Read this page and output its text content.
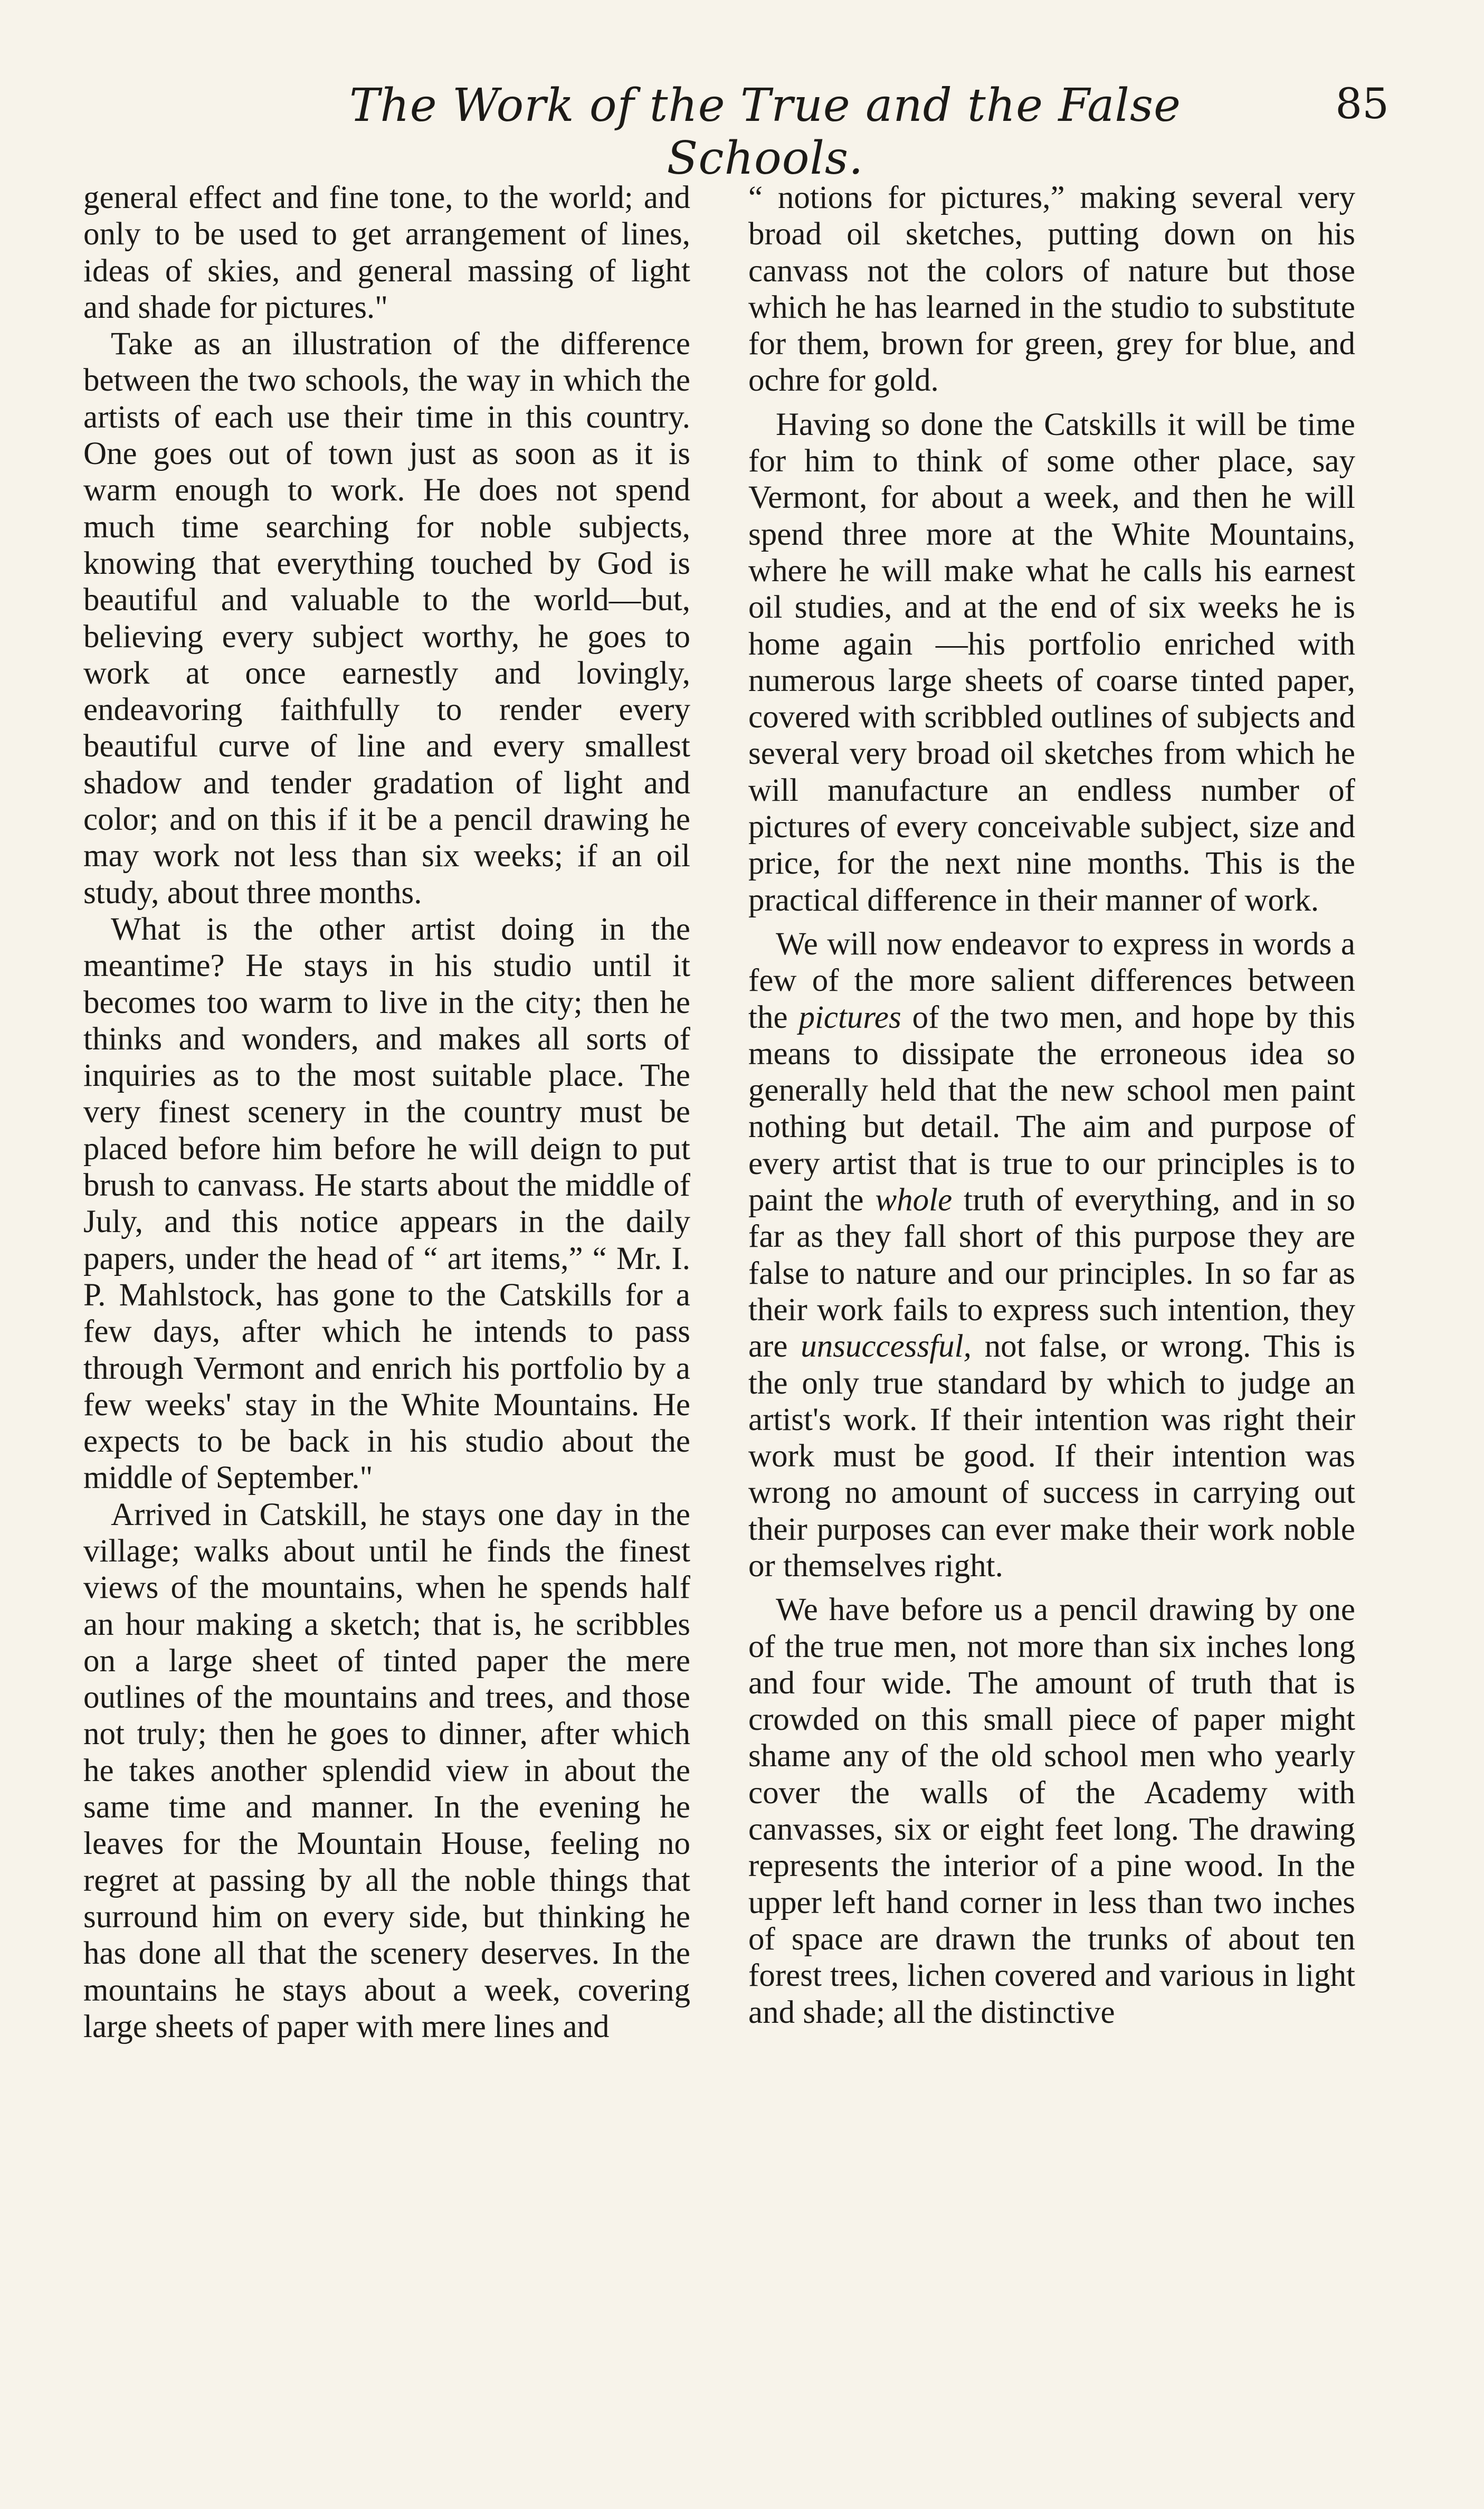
The Work of the True and the False Schools.
85

general effect and fine tone, to the world; and only to be used to get arrangement of lines, ideas of skies, and general massing of light and shade for pictures."

Take as an illustration of the difference between the two schools, the way in which the artists of each use their time in this country. One goes out of town just as soon as it is warm enough to work. He does not spend much time searching for noble subjects, knowing that everything touched by God is beautiful and valuable to the world—but, believing every subject worthy, he goes to work at once earnestly and lovingly, endeavoring faithfully to render every beautiful curve of line and every smallest shadow and tender gradation of light and color; and on this if it be a pencil drawing he may work not less than six weeks; if an oil study, about three months.

What is the other artist doing in the meantime? He stays in his studio until it becomes too warm to live in the city; then he thinks and wonders, and makes all sorts of inquiries as to the most suitable place. The very finest scenery in the country must be placed before him before he will deign to put brush to canvass. He starts about the middle of July, and this notice appears in the daily papers, under the head of “ art items,” “ Mr. I. P. Mahlstock, has gone to the Catskills for a few days, after which he intends to pass through Vermont and enrich his portfolio by a few weeks' stay in the White Mountains. He expects to be back in his studio about the middle of September."

Arrived in Catskill, he stays one day in the village; walks about until he finds the finest views of the mountains, when he spends half an hour making a sketch; that is, he scribbles on a large sheet of tinted paper the mere outlines of the mountains and trees, and those not truly; then he goes to dinner, after which he takes another splendid view in about the same time and manner. In the evening he leaves for the Mountain House, feeling no regret at passing by all the noble things that surround him on every side, but thinking he has done all that the scenery deserves. In the mountains he stays about a week, covering large sheets of paper with mere lines and

“ notions for pictures,” making several very broad oil sketches, putting down on his canvass not the colors of nature but those which he has learned in the studio to substitute for them, brown for green, grey for blue, and ochre for gold.

Having so done the Catskills it will be time for him to think of some other place, say Vermont, for about a week, and then he will spend three more at the White Mountains, where he will make what he calls his earnest oil studies, and at the end of six weeks he is home again —his portfolio enriched with numerous large sheets of coarse tinted paper, covered with scribbled outlines of subjects and several very broad oil sketches from which he will manufacture an endless number of pictures of every conceivable subject, size and price, for the next nine months. This is the practical difference in their manner of work.

We will now endeavor to express in words a few of the more salient differences between the pictures of the two men, and hope by this means to dissipate the erroneous idea so generally held that the new school men paint nothing but detail. The aim and purpose of every artist that is true to our principles is to paint the whole truth of everything, and in so far as they fall short of this purpose they are false to nature and our principles. In so far as their work fails to express such intention, they are unsuccessful, not false, or wrong. This is the only true standard by which to judge an artist's work. If their intention was right their work must be good. If their intention was wrong no amount of success in carrying out their purposes can ever make their work noble or themselves right.

We have before us a pencil drawing by one of the true men, not more than six inches long and four wide. The amount of truth that is crowded on this small piece of paper might shame any of the old school men who yearly cover the walls of the Academy with canvasses, six or eight feet long. The drawing represents the interior of a pine wood. In the upper left hand corner in less than two inches of space are drawn the trunks of about ten forest trees, lichen covered and various in light and shade; all the distinctive
